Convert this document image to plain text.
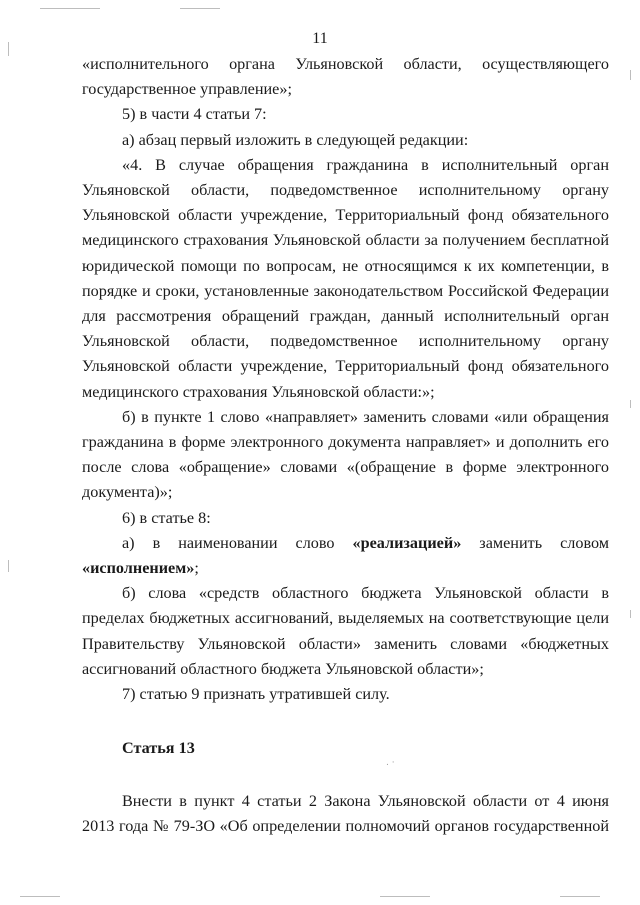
11

«исполнительного органа Ульяновской области, осуществляющего

государственное управление»;

5) в части 4 статьи 7:

а) абзац первый изложить в следующей редакции:

«4. В случае обращения гражданина в исполнительный орган Ульяновской области, подведомственное исполнительному органу Ульяновской области учреждение, Территориальный фонд обязательного медицинского страхования Ульяновской области за получением бесплатной юридической помощи по вопросам, не относящимся к их компетенции, в порядке и сроки, установленные законодательством Российской Федерации для рассмотрения обращений граждан, данный исполнительный орган Ульяновской области, подведомственное исполнительному органу Ульяновской области учреждение, Территориальный фонд обязательного медицинского страхования Ульяновской области:»;

б) в пункте 1 слово «направляет» заменить словами «или обращения гражданина в форме электронного документа направляет» и дополнить его после слова «обращение» словами «(обращение в форме электронного документа)»;

6) в статье 8:

а) в наименовании слово «реализацией» заменить словом «исполнением»;

б) слова «средств областного бюджета Ульяновской области в пределах бюджетных ассигнований, выделяемых на соответствующие цели Правительству Ульяновской области» заменить словами «бюджетных ассигнований областного бюджета Ульяновской области»;

7) статью 9 признать утратившей силу.

Статья 13

Внести в пункт 4 статьи 2 Закона Ульяновской области от 4 июня 2013 года № 79-ЗО «Об определении полномочий органов государственной

. ·
